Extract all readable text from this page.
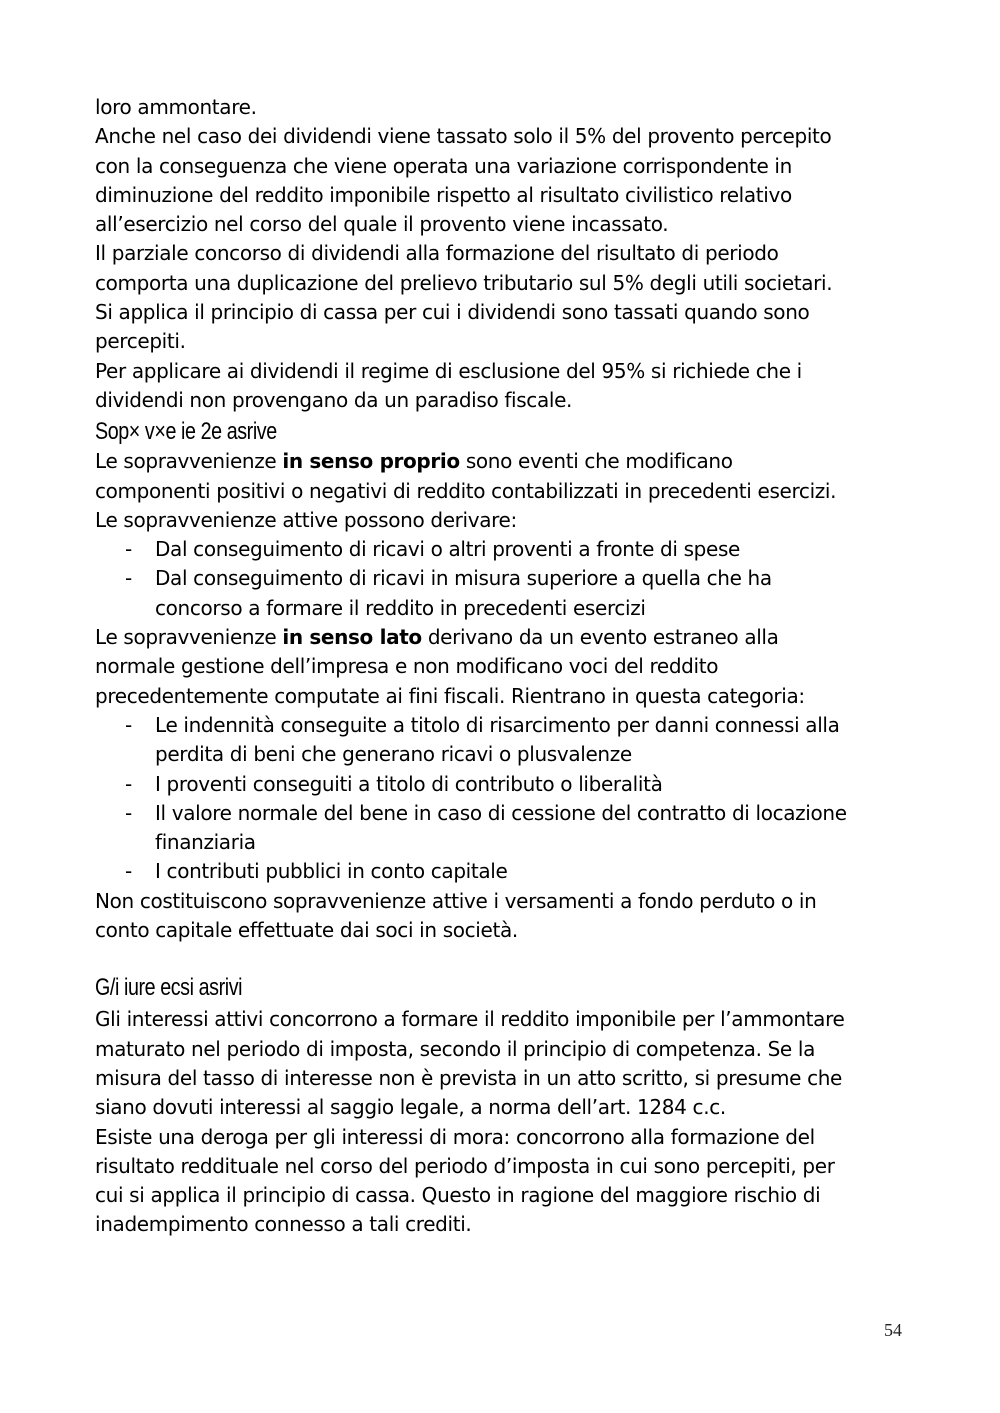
loro ammontare.
Anche nel caso dei dividendi viene tassato solo il 5% del provento percepito
con la conseguenza che viene operata una variazione corrispondente in
diminuzione del reddito imponibile rispetto al risultato civilistico relativo
all’esercizio nel corso del quale il provento viene incassato.
Il parziale concorso di dividendi alla formazione del risultato di periodo
comporta una duplicazione del prelievo tributario sul 5% degli utili societari.
Si applica il principio di cassa per cui i dividendi sono tassati quando sono
percepiti.
Per applicare ai dividendi il regime di esclusione del 95% si richiede che i
dividendi non provengano da un paradiso fiscale.
Sop× v×e ie 2e asrive
Le sopravvenienze in senso proprio sono eventi che modificano
componenti positivi o negativi di reddito contabilizzati in precedenti esercizi.
Le sopravvenienze attive possono derivare:
- Dal conseguimento di ricavi o altri proventi a fronte di spese
- Dal conseguimento di ricavi in misura superiore a quella che ha
concorso a formare il reddito in precedenti esercizi
Le sopravvenienze in senso lato derivano da un evento estraneo alla
normale gestione dell’impresa e non modificano voci del reddito
precedentemente computate ai fini fiscali. Rientrano in questa categoria:
- Le indennità conseguite a titolo di risarcimento per danni connessi alla
perdita di beni che generano ricavi o plusvalenze
- I proventi conseguiti a titolo di contributo o liberalità
- Il valore normale del bene in caso di cessione del contratto di locazione
finanziaria
- I contributi pubblici in conto capitale
Non costituiscono sopravvenienze attive i versamenti a fondo perduto o in
conto capitale effettuate dai soci in società.
G/i iure ecsi asrivi
Gli interessi attivi concorrono a formare il reddito imponibile per l’ammontare
maturato nel periodo di imposta, secondo il principio di competenza. Se la
misura del tasso di interesse non è prevista in un atto scritto, si presume che
siano dovuti interessi al saggio legale, a norma dell’art. 1284 c.c.
Esiste una deroga per gli interessi di mora: concorrono alla formazione del
risultato reddituale nel corso del periodo d’imposta in cui sono percepiti, per
cui si applica il principio di cassa. Questo in ragione del maggiore rischio di
inadempimento connesso a tali crediti.
54
